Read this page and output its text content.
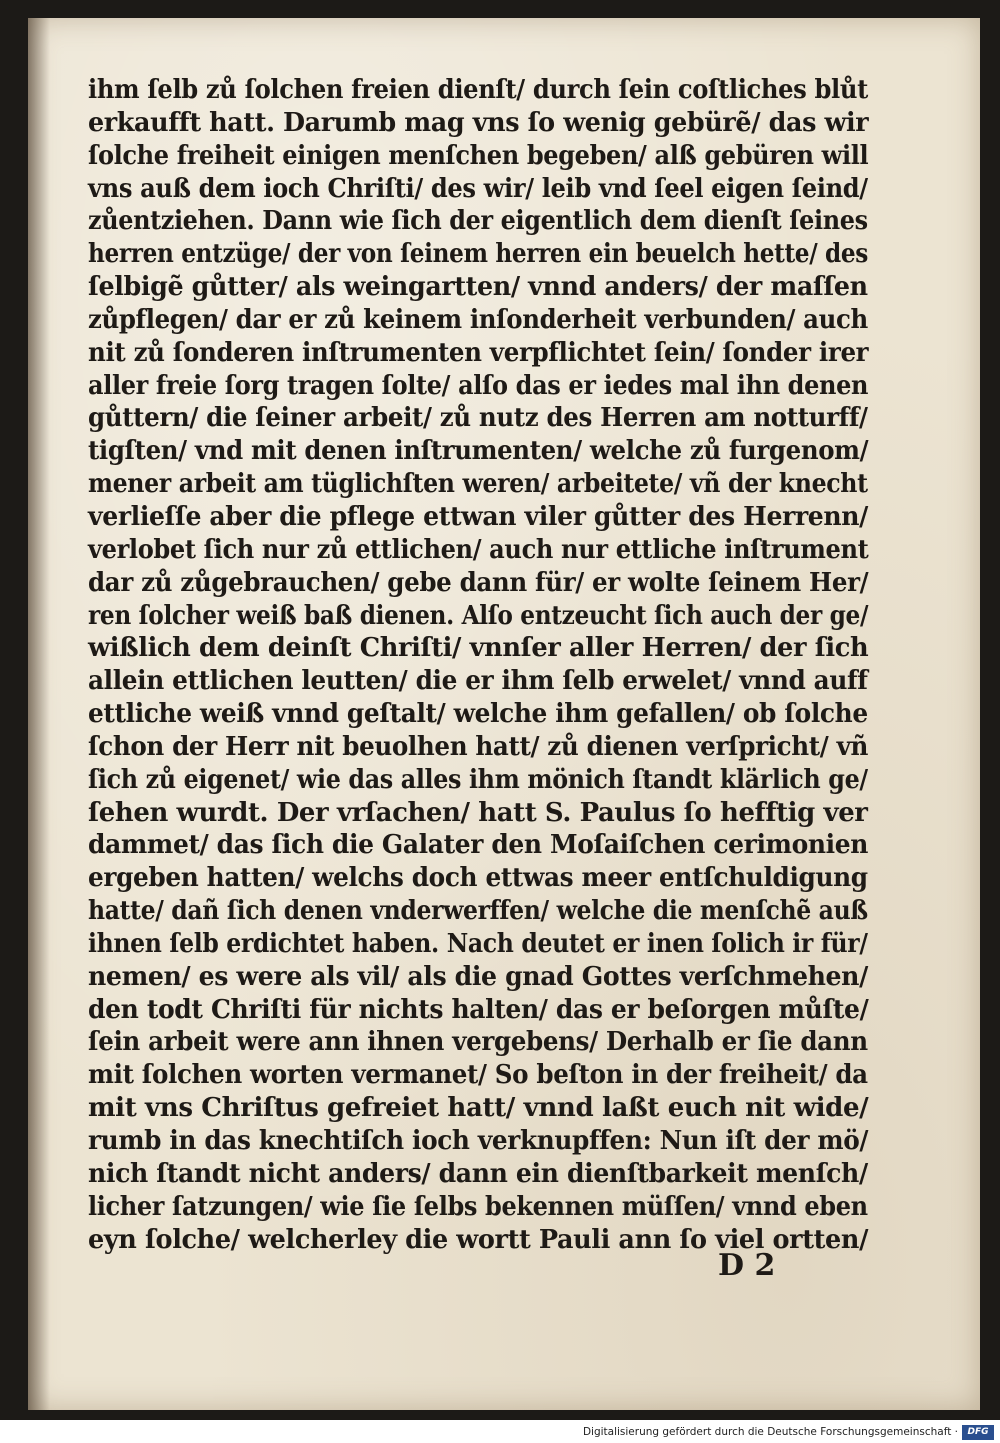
ihm ſelb zů ſolchen freien dienſt/ durch ſein coſtliches blůt
erkaufft hatt. Darumb mag vns ſo wenig gebürẽ/ das wir
ſolche freiheit einigen menſchen begeben/ alß gebüren will
vns auß dem ioch Chriſti/ des wir/ leib vnd ſeel eigen ſeind/
zůentziehen. Dann wie ſich der eigentlich dem dienſt ſeines
herren entzüge/ der von ſeinem herren ein beuelch hette/ des
ſelbigẽ gůtter/ als weingartten/ vnnd anders/ der maſſen
zůpflegen/ dar er zů keinem inſonderheit verbunden/ auch
nit zů ſonderen inſtrumenten verpflichtet ſein/ ſonder irer
aller freie ſorg tragen ſolte/ alſo das er iedes mal ihn denen
gůttern/ die ſeiner arbeit/ zů nutz des Herren am notturff/
tigſten/ vnd mit denen inſtrumenten/ welche zů furgenom/
mener arbeit am tüglichſten weren/ arbeitete/ vñ der knecht
verlieſſe aber die pflege ettwan viler gůtter des Herrenn/
verlobet ſich nur zů ettlichen/ auch nur ettliche inſtrument
dar zů zůgebrauchen/ gebe dann für/ er wolte ſeinem Her/
ren ſolcher weiß baß dienen. Alſo entzeucht ſich auch der ge/
wißlich dem deinſt Chriſti/ vnnſer aller Herren/ der ſich
allein ettlichen leutten/ die er ihm ſelb erwelet/ vnnd auff
ettliche weiß vnnd geſtalt/ welche ihm gefallen/ ob ſolche
ſchon der Herr nit beuolhen hatt/ zů dienen verſpricht/ vñ
ſich zů eigenet/ wie das alles ihm mönich ſtandt klärlich ge/
ſehen wurdt. Der vrſachen/ hatt S. Paulus ſo hefftig ver
dammet/ das ſich die Galater den Moſaiſchen cerimonien
ergeben hatten/ welchs doch ettwas meer entſchuldigung
hatte/ dañ ſich denen vnderwerffen/ welche die menſchẽ auß
ihnen ſelb erdichtet haben. Nach deutet er inen ſolich ir für/
nemen/ es were als vil/ als die gnad Gottes verſchmehen/
den todt Chriſti für nichts halten/ das er beſorgen můſte/
ſein arbeit were ann ihnen vergebens/ Derhalb er ſie dann
mit ſolchen worten vermanet/ So beſton in der freiheit/ da
mit vns Chriſtus gefreiet hatt/ vnnd laßt euch nit wide/
rumb in das knechtiſch ioch verknupffen: Nun iſt der mö/
nich ſtandt nicht anders/ dann ein dienſtbarkeit menſch/
licher ſatzungen/ wie ſie ſelbs bekennen müſſen/ vnnd eben
eyn ſolche/ welcherley die wortt Pauli ann ſo viel ortten/
D 2
Digitalisierung gefördert durch die Deutsche Forschungsgemeinschaft ·	DFG
